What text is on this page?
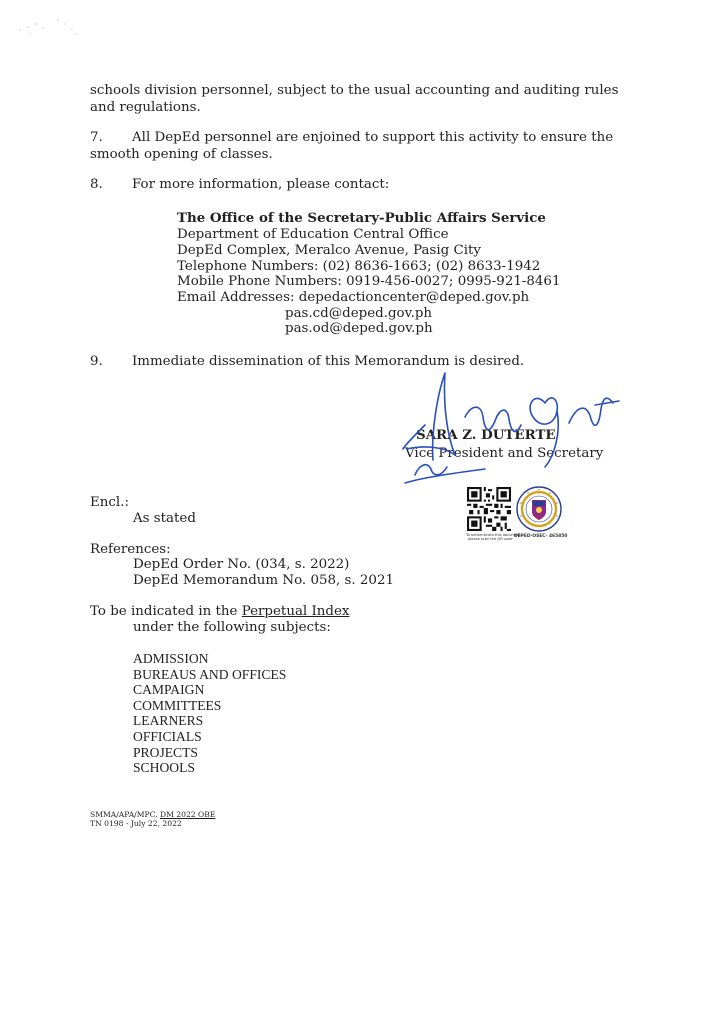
schools division personnel, subject to the usual accounting and auditing rules and regulations.
7. All DepEd personnel are enjoined to support this activity to ensure the smooth opening of classes.
8. For more information, please contact:
The Office of the Secretary-Public Affairs Service
Department of Education Central Office
DepEd Complex, Meralco Avenue, Pasig City
Telephone Numbers: (02) 8636-1663; (02) 8633-1942
Mobile Phone Numbers: 0919-456-0027; 0995-921-8461
Email Addresses: depedactioncenter@deped.gov.ph
pas.cd@deped.gov.ph
pas.od@deped.gov.ph
9. Immediate dissemination of this Memorandum is desired.
SARA Z. DUTERTE
Vice President and Secretary
To authenticate this document,
please scan the QR code DEPED-OSEC- 465850
Encl.:
As stated
References:
DepEd Order No. (034, s. 2022)
DepEd Memorandum No. 058, s. 2021
To be indicated in the Perpetual Index
under the following subjects:
ADMISSION
BUREAUS AND OFFICES
CAMPAIGN
COMMITTEES
LEARNERS
OFFICIALS
PROJECTS
SCHOOLS
SMMA/APA/MPC, DM 2022 OBE
TN 0198 - July 22, 2022
